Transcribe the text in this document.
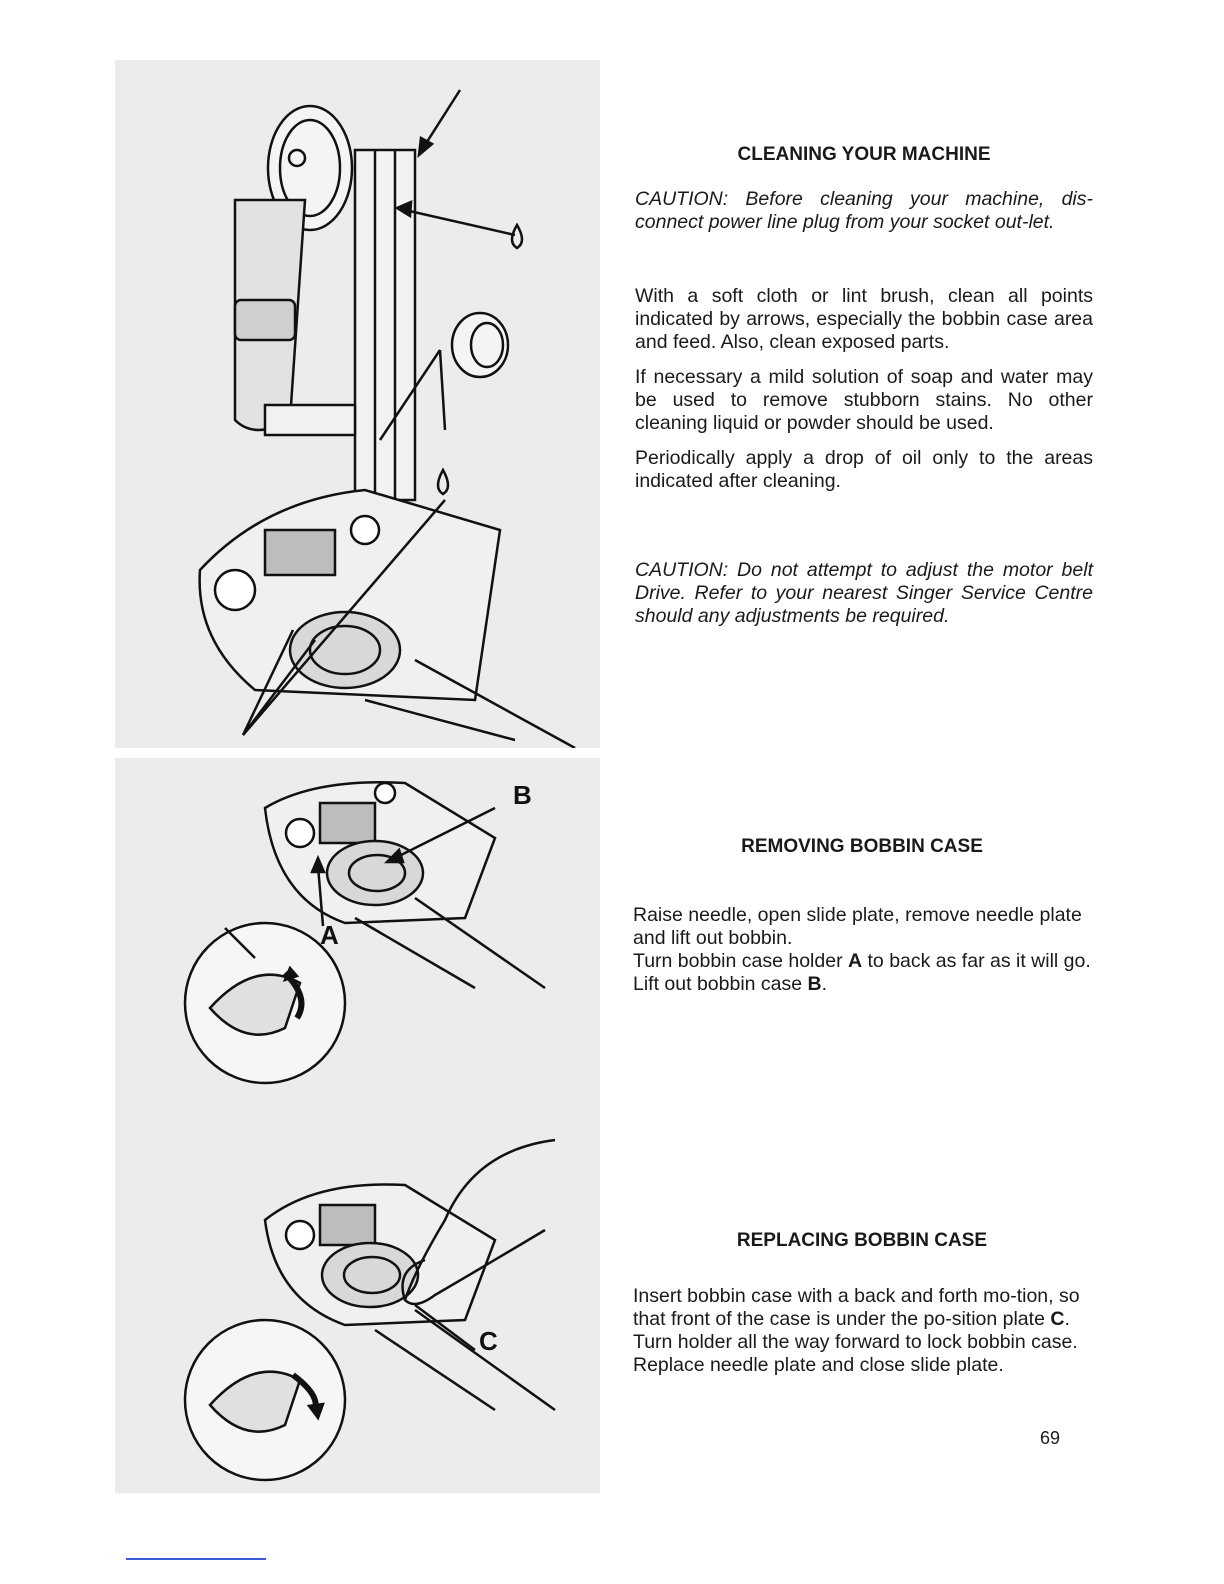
B
A
C

CLEANING YOUR MACHINE

CAUTION: Before cleaning your machine, dis-connect power line plug from your socket out-let.

With a soft cloth or lint brush, clean all points indicated by arrows, especially the bobbin case area and feed. Also, clean exposed parts.

If necessary a mild solution of soap and water may be used to remove stubborn stains. No other cleaning liquid or powder should be used.

Periodically apply a drop of oil only to the areas indicated after cleaning.

CAUTION: Do not attempt to adjust the motor belt Drive. Refer to your nearest Singer Service Centre should any adjustments be required.

REMOVING BOBBIN CASE

Raise needle, open slide plate, remove needle plate and lift out bobbin.

Turn bobbin case holder A to back as far as it will go.

Lift out bobbin case B.

REPLACING BOBBIN CASE

Insert bobbin case with a back and forth mo-tion, so that front of the case is under the po-sition plate C. Turn holder all the way forward to lock bobbin case.

Replace needle plate and close slide plate.

69
